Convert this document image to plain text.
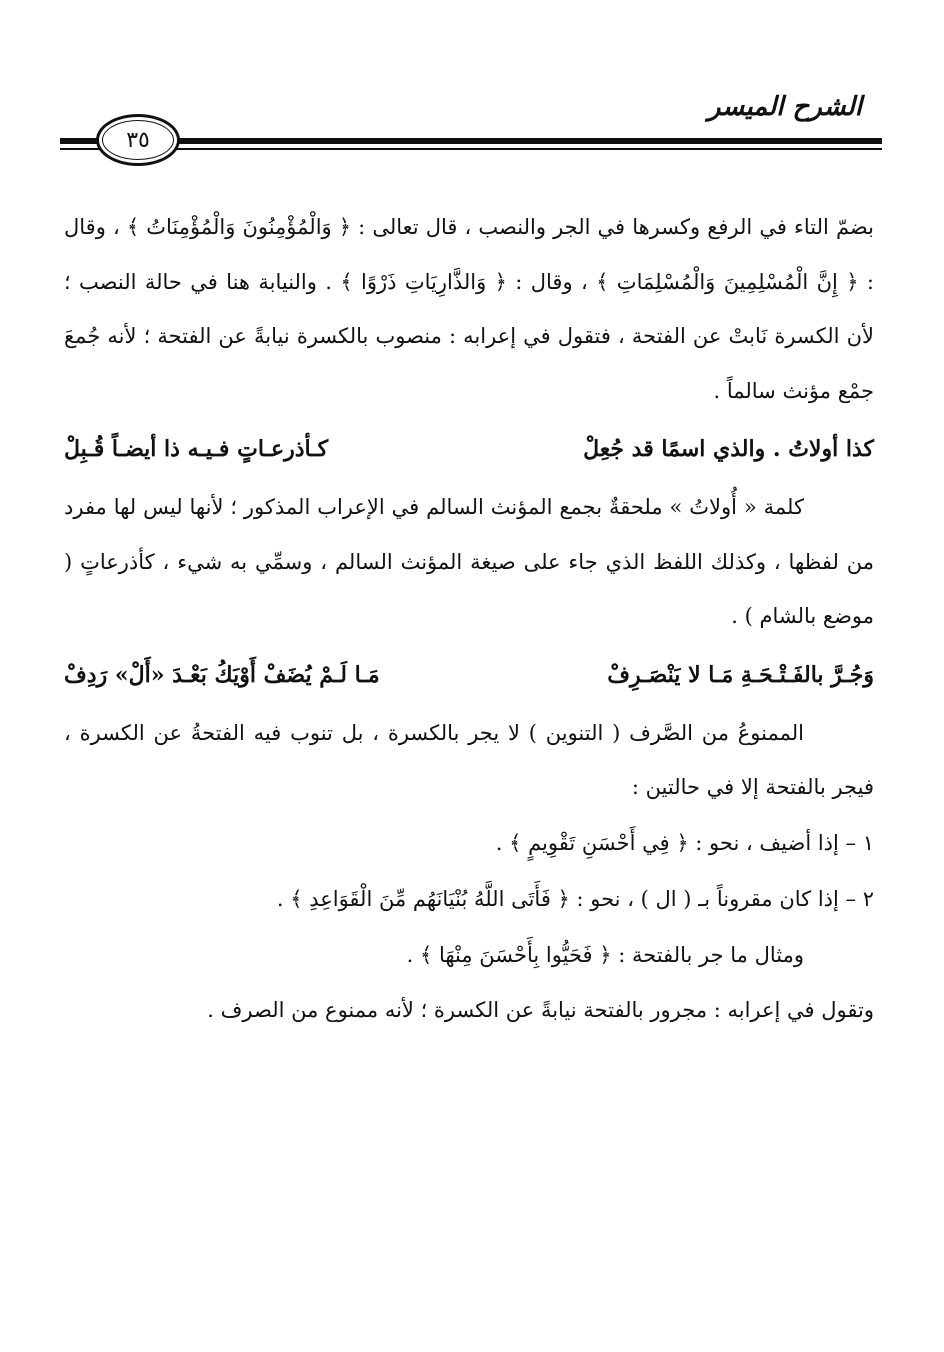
الشرح الميسر
٣٥

بضمّ التاء في الرفع وكسرها في الجر والنصب ، قال تعالى : ﴿ وَالْمُؤْمِنُونَ وَالْمُؤْمِنَاتُ ﴾ ، وقال : ﴿ إِنَّ الْمُسْلِمِينَ وَالْمُسْلِمَاتِ ﴾ ، وقال : ﴿ وَالذَّارِيَاتِ ذَرْوًا ﴾ . والنيابة هنا في حالة النصب ؛ لأن الكسرة نَابتْ عن الفتحة ، فتقول في إعرابه : منصوب بالكسرة نيابةً عن الفتحة ؛ لأنه جُمعَ جمْع مؤنث سالماً .

كذا أولاتُ . والذي اسمًا قد جُعِلْ
كـأذرعـاتٍ فـيـه ذا أيضـاً قُـبِلْ

كلمة « أُولاتُ » ملحقةٌ بجمع المؤنث السالم في الإعراب المذكور ؛ لأنها ليس لها مفرد من لفظها ، وكذلك اللفظ الذي جاء على صيغة المؤنث السالم ، وسمِّي به شيء ، كأذرعاتٍ ( موضع بالشام ) .

وَجُـرَّ بالفَـتْـحَـةِ مَـا لا يَنْصَـرِفْ
مَـا لَـمْ يُضَفْ أَوْيَكُ بَعْـدَ «أَلْ» رَدِفْ

الممنوعُ من الصَّرف ( التنوين ) لا يجر بالكسرة ، بل تنوب فيه الفتحةُ عن الكسرة ، فيجر بالفتحة إلا في حالتين :

١ – إذا أضيف ، نحو : ﴿ فِي أَحْسَنِ تَقْوِيمٍ ﴾ .

٢ – إذا كان مقروناً بـ ( ال ) ، نحو : ﴿ فَأَتَى اللَّهُ بُنْيَانَهُم مِّنَ الْقَوَاعِدِ ﴾ .

ومثال ما جر بالفتحة : ﴿ فَحَيُّوا بِأَحْسَنَ مِنْهَا ﴾ .

وتقول في إعرابه : مجرور بالفتحة نيابةً عن الكسرة ؛ لأنه ممنوع من الصرف .
